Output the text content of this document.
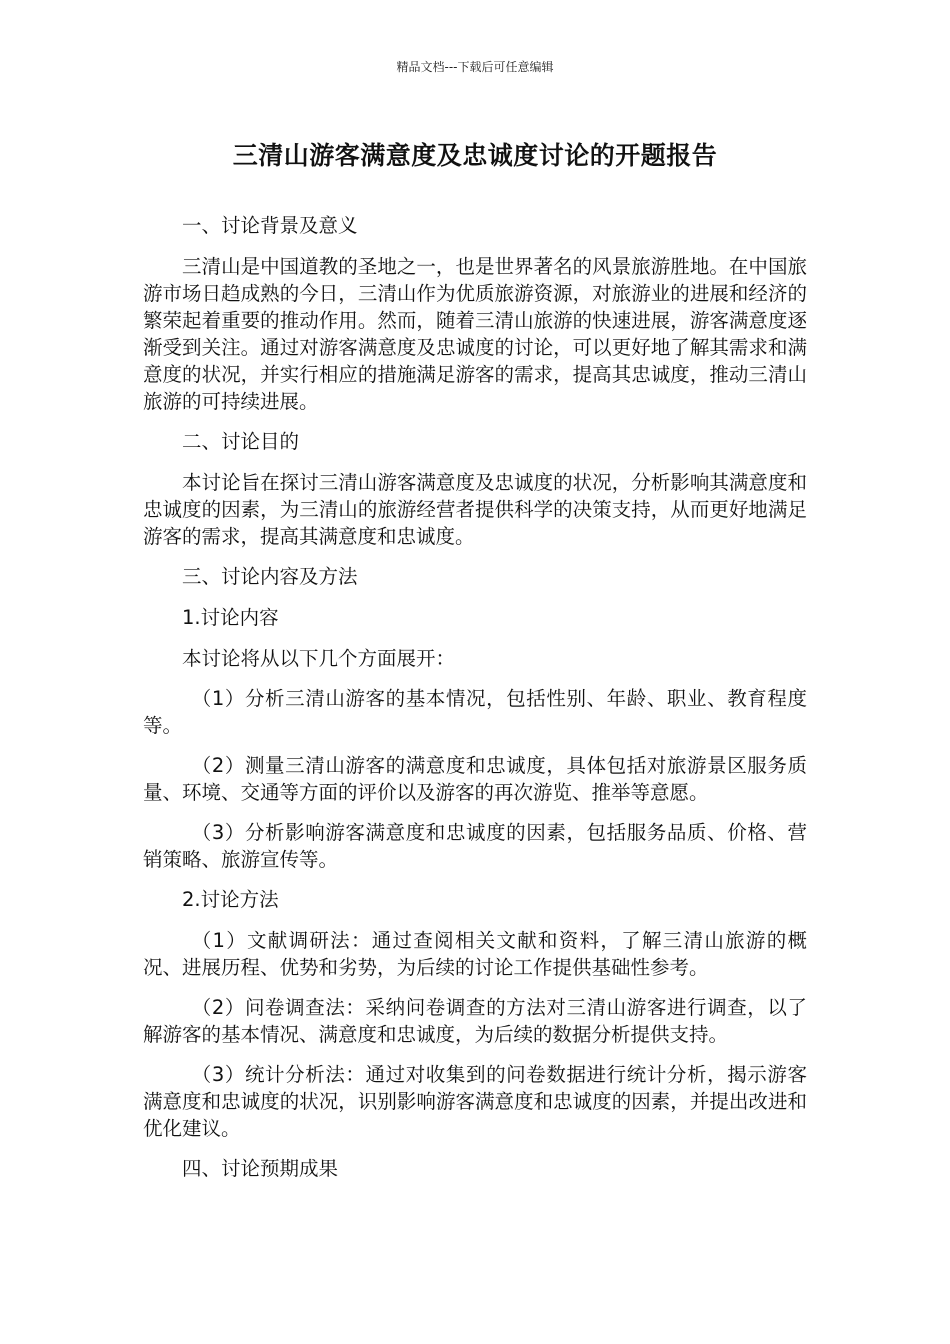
精品文档---下载后可任意编辑
三清山游客满意度及忠诚度讨论的开题报告

一、讨论背景及意义

三清山是中国道教的圣地之一，也是世界著名的风景旅游胜地。在中国旅游市场日趋成熟的今日，三清山作为优质旅游资源，对旅游业的进展和经济的繁荣起着重要的推动作用。然而，随着三清山旅游的快速进展，游客满意度逐渐受到关注。通过对游客满意度及忠诚度的讨论，可以更好地了解其需求和满意度的状况，并实行相应的措施满足游客的需求，提高其忠诚度，推动三清山旅游的可持续进展。

二、讨论目的

本讨论旨在探讨三清山游客满意度及忠诚度的状况，分析影响其满意度和忠诚度的因素，为三清山的旅游经营者提供科学的决策支持，从而更好地满足游客的需求，提高其满意度和忠诚度。

三、讨论内容及方法

1.讨论内容

本讨论将从以下几个方面展开：

（1）分析三清山游客的基本情况，包括性别、年龄、职业、教育程度等。

（2）测量三清山游客的满意度和忠诚度，具体包括对旅游景区服务质量、环境、交通等方面的评价以及游客的再次游览、推举等意愿。

（3）分析影响游客满意度和忠诚度的因素，包括服务品质、价格、营销策略、旅游宣传等。

2.讨论方法

（1）文献调研法：通过查阅相关文献和资料，了解三清山旅游的概况、进展历程、优势和劣势，为后续的讨论工作提供基础性参考。

（2）问卷调查法：采纳问卷调查的方法对三清山游客进行调查，以了解游客的基本情况、满意度和忠诚度，为后续的数据分析提供支持。

（3）统计分析法：通过对收集到的问卷数据进行统计分析，揭示游客满意度和忠诚度的状况，识别影响游客满意度和忠诚度的因素，并提出改进和优化建议。

四、讨论预期成果
